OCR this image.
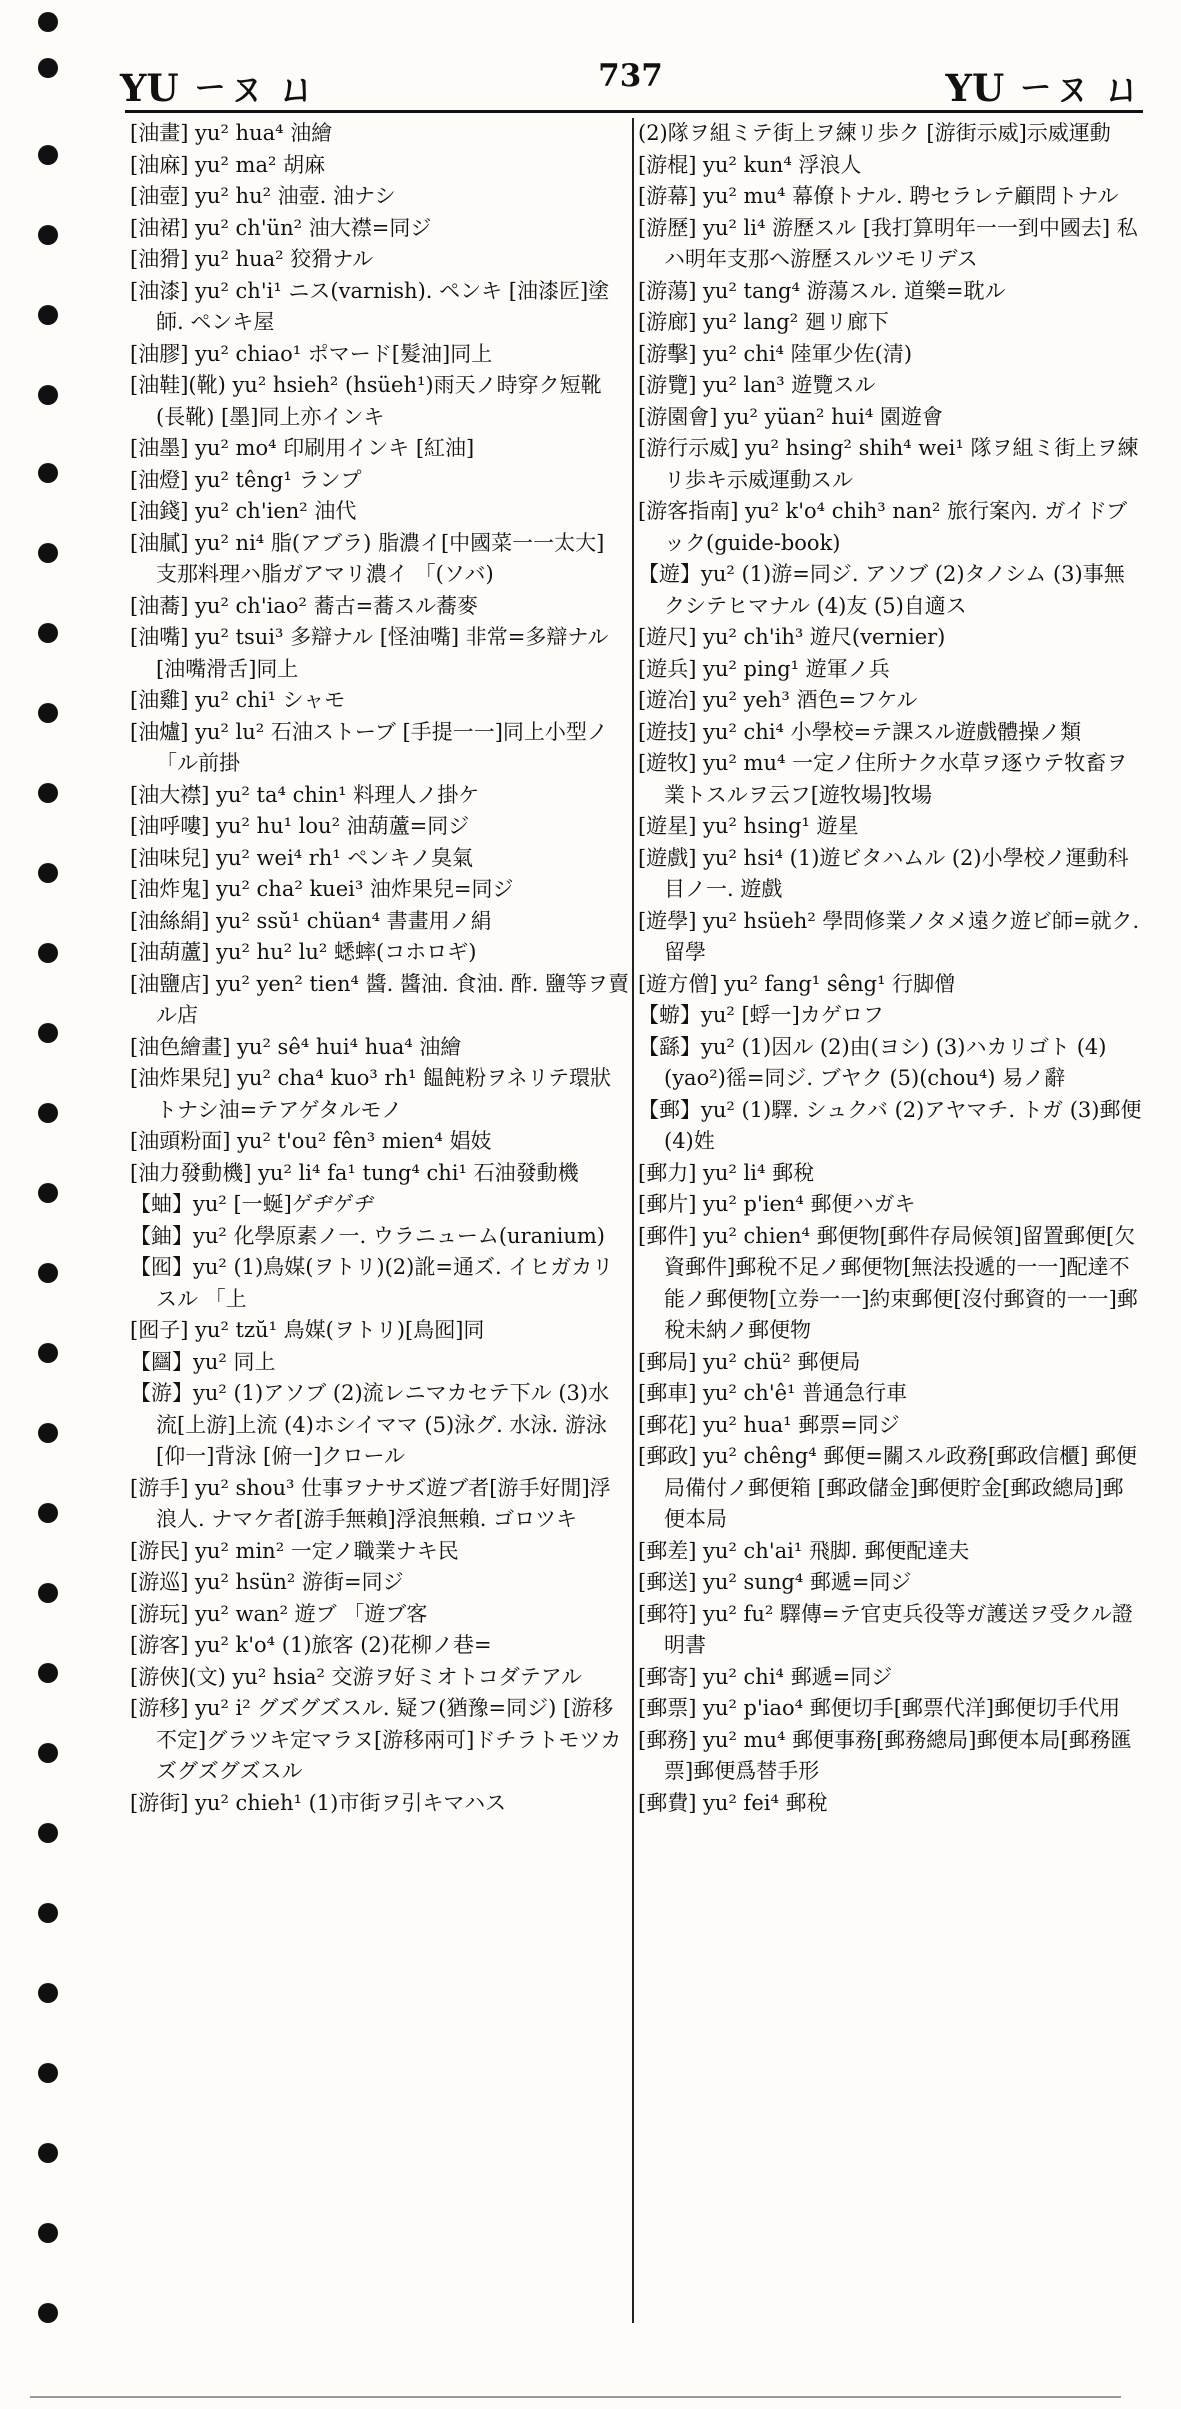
YU ㄧㄡ ㄩ	737	YU ㄧㄡ ㄩ

[油畫] yu² hua⁴ 油繪

[油麻] yu² ma² 胡麻

[油壺] yu² hu² 油壺. 油ナシ

[油裙] yu² ch'ün² 油大襟=同ジ

[油猾] yu² hua² 狡猾ナル

[油漆] yu² ch'i¹ ニス(varnish). ペンキ [油漆匠]塗師. ペンキ屋

[油膠] yu² chiao¹ ポマード[髮油]同上

[油鞋](靴) yu² hsieh² (hsüeh¹)雨天ノ時穿ク短靴(長靴) [墨]同上亦インキ

[油墨] yu² mo⁴ 印刷用インキ [紅油]

[油燈] yu² têng¹ ランプ

[油錢] yu² ch'ien² 油代

[油膩] yu² ni⁴ 脂(アブラ) 脂濃イ[中國菜一一太大] 支那料理ハ脂ガアマリ濃イ 「(ソバ)

[油蕎] yu² ch'iao² 蕎古=蕎スル蕎麥

[油嘴] yu² tsui³ 多辯ナル [怪油嘴] 非常=多辯ナル[油嘴滑舌]同上

[油雞] yu² chi¹ シャモ

[油爐] yu² lu² 石油ストーブ [手提一一]同上小型ノ 「ル前掛

[油大襟] yu² ta⁴ chin¹ 料理人ノ掛ケ

[油呼嘍] yu² hu¹ lou² 油葫蘆=同ジ

[油味兒] yu² wei⁴ rh¹ ペンキノ臭氣

[油炸鬼] yu² cha² kuei³ 油炸果兒=同ジ

[油絲絹] yu² ssŭ¹ chüan⁴ 書畫用ノ絹

[油葫蘆] yu² hu² lu² 蟋蟀(コホロギ)

[油鹽店] yu² yen² tien⁴ 醬. 醬油. 食油. 酢. 鹽等ヲ賣ル店

[油色繪畫] yu² sê⁴ hui⁴ hua⁴ 油繪

[油炸果兒] yu² cha⁴ kuo³ rh¹ 饂飩粉ヲネリテ環狀トナシ油=テアゲタルモノ

[油頭粉面] yu² t'ou² fên³ mien⁴ 娼妓

[油力發動機] yu² li⁴ fa¹ tung⁴ chi¹ 石油發動機

【蚰】yu² [一蜒]ゲヂゲヂ

【鈾】yu² 化學原素ノ一. ウラニューム(uranium)

【囮】yu² (1)鳥媒(ヲトリ)(2)訛=通ズ. イヒガカリスル 「上

[囮子] yu² tzŭ¹ 鳥媒(ヲトリ)[鳥囮]同

【圝】yu² 同上

【游】yu² (1)アソブ (2)流レニマカセテ下ル (3)水流[上游]上流 (4)ホシイママ (5)泳グ. 水泳. 游泳 [仰一]背泳 [俯一]クロール

[游手] yu² shou³ 仕事ヲナサズ遊ブ者[游手好閒]浮浪人. ナマケ者[游手無賴]浮浪無賴. ゴロツキ

[游民] yu² min² 一定ノ職業ナキ民

[游巡] yu² hsün² 游街=同ジ

[游玩] yu² wan² 遊ブ 「遊ブ客

[游客] yu² k'o⁴ (1)旅客 (2)花柳ノ巷=

[游俠](文) yu² hsia² 交游ヲ好ミオトコダテアル

[游移] yu² i² グズグズスル. 疑フ(猶豫=同ジ) [游移不定]グラツキ定マラヌ[游移兩可]ドチラトモツカズグズグズスル

[游街] yu² chieh¹ (1)市街ヲ引キマハス

(2)隊ヲ組ミテ街上ヲ練リ歩ク [游街示威]示威運動

[游棍] yu² kun⁴ 浮浪人

[游幕] yu² mu⁴ 幕僚トナル. 聘セラレテ顧問トナル

[游歷] yu² li⁴ 游歷スル [我打算明年一一到中國去] 私ハ明年支那ヘ游歷スルツモリデス

[游蕩] yu² tang⁴ 游蕩スル. 道樂=耽ル

[游廊] yu² lang² 廻リ廊下

[游擊] yu² chi⁴ 陸軍少佐(清)

[游覽] yu² lan³ 遊覽スル

[游園會] yu² yüan² hui⁴ 園遊會

[游行示威] yu² hsing² shih⁴ wei¹ 隊ヲ組ミ街上ヲ練リ歩キ示威運動スル

[游客指南] yu² k'o⁴ chih³ nan² 旅行案內. ガイドブック(guide-book)

【遊】yu² (1)游=同ジ. アソブ (2)タノシム (3)事無クシテヒマナル (4)友 (5)自適ス

[遊尺] yu² ch'ih³ 遊尺(vernier)

[遊兵] yu² ping¹ 遊軍ノ兵

[遊冶] yu² yeh³ 酒色=フケル

[遊技] yu² chi⁴ 小學校=テ課スル遊戲體操ノ類

[遊牧] yu² mu⁴ 一定ノ住所ナク水草ヲ逐ウテ牧畜ヲ業トスルヲ云フ[遊牧場]牧場

[遊星] yu² hsing¹ 遊星

[遊戲] yu² hsi⁴ (1)遊ビタハムル (2)小學校ノ運動科目ノ一. 遊戲

[遊學] yu² hsüeh² 學問修業ノタメ遠ク遊ビ師=就ク. 留學

[遊方僧] yu² fang¹ sêng¹ 行脚僧

【蝣】yu² [蜉一]カゲロフ

【繇】yu² (1)因ル (2)由(ヨシ) (3)ハカリゴト (4)(yao²)徭=同ジ. ブヤク (5)(chou⁴) 易ノ辭

【郵】yu² (1)驛. シュクバ (2)アヤマチ. トガ (3)郵便 (4)姓

[郵力] yu² li⁴ 郵稅

[郵片] yu² p'ien⁴ 郵便ハガキ

[郵件] yu² chien⁴ 郵便物[郵件存局候領]留置郵便[欠資郵件]郵稅不足ノ郵便物[無法投遞的一一]配達不能ノ郵便物[立券一一]約束郵便[沒付郵資的一一]郵稅未納ノ郵便物

[郵局] yu² chü² 郵便局

[郵車] yu² ch'ê¹ 普通急行車

[郵花] yu² hua¹ 郵票=同ジ

[郵政] yu² chêng⁴ 郵便=關スル政務[郵政信櫃] 郵便局備付ノ郵便箱 [郵政儲金]郵便貯金[郵政總局]郵便本局

[郵差] yu² ch'ai¹ 飛脚. 郵便配達夫

[郵送] yu² sung⁴ 郵遞=同ジ

[郵符] yu² fu² 驛傳=テ官吏兵役等ガ護送ヲ受クル證明書

[郵寄] yu² chi⁴ 郵遞=同ジ

[郵票] yu² p'iao⁴ 郵便切手[郵票代洋]郵便切手代用

[郵務] yu² mu⁴ 郵便事務[郵務總局]郵便本局[郵務匯票]郵便爲替手形

[郵費] yu² fei⁴ 郵稅
